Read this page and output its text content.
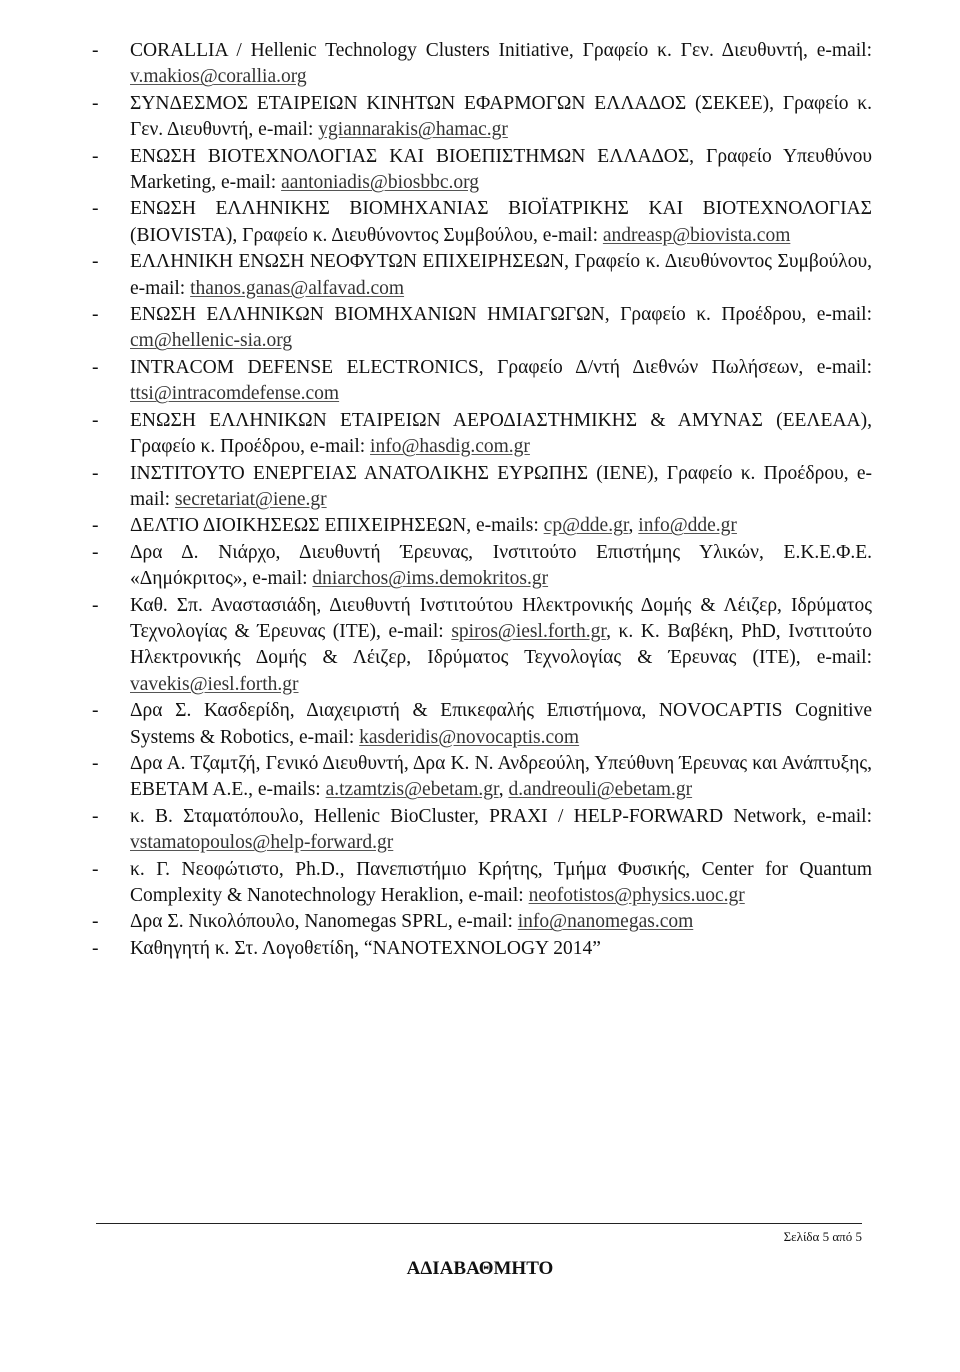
-	CORALLIA / Hellenic Technology Clusters Initiative, Γραφείο κ. Γεν. Διευθυντή, e-mail: v.makios@corallia.org
-	ΣΥΝΔΕΣΜΟΣ ΕΤΑΙΡΕΙΩΝ ΚΙΝΗΤΩΝ ΕΦΑΡΜΟΓΩΝ ΕΛΛΑΔΟΣ (ΣΕΚΕΕ), Γραφείο κ. Γεν. Διευθυντή, e-mail: ygiannarakis@hamac.gr
-	ΕΝΩΣΗ ΒΙΟΤΕΧΝΟΛΟΓΙΑΣ ΚΑΙ ΒΙΟΕΠΙΣΤΗΜΩΝ ΕΛΛΑΔΟΣ, Γραφείο Υπευθύνου Marketing, e-mail: aantoniadis@biosbbc.org
-	ΕΝΩΣΗ ΕΛΛΗΝΙΚΗΣ ΒΙΟΜΗΧΑΝΙΑΣ ΒΙΟΪΑΤΡΙΚΗΣ ΚΑΙ ΒΙΟΤΕΧΝΟΛΟΓΙΑΣ (BIOVISTA), Γραφείο κ. Διευθύνοντος Συμβούλου, e-mail: andreasp@biovista.com
-	ΕΛΛΗΝΙΚΗ ΕΝΩΣΗ ΝΕΟΦΥΤΩΝ ΕΠΙΧΕΙΡΗΣΕΩΝ, Γραφείο κ. Διευθύνοντος Συμβούλου, e-mail: thanos.ganas@alfavad.com
-	ΕΝΩΣΗ ΕΛΛΗΝΙΚΩΝ ΒΙΟΜΗΧΑΝΙΩΝ ΗΜΙΑΓΩΓΩΝ, Γραφείο κ. Προέδρου, e-mail: cm@hellenic-sia.org
-	INTRACOM DEFENSE ELECTRONICS, Γραφείο Δ/ντή Διεθνών Πωλήσεων, e-mail: ttsi@intracomdefense.com
-	ΕΝΩΣΗ ΕΛΛΗΝΙΚΩΝ ΕΤΑΙΡΕΙΩΝ ΑΕΡΟΔΙΑΣΤΗΜΙΚΗΣ & ΑΜΥΝΑΣ (ΕΕΛΕΑΑ), Γραφείο κ. Προέδρου, e-mail: info@hasdig.com.gr
-	ΙΝΣΤΙΤΟΥΤΟ ΕΝΕΡΓΕΙΑΣ ΑΝΑΤΟΛΙΚΗΣ ΕΥΡΩΠΗΣ (ΙΕΝΕ), Γραφείο κ. Προέδρου, e-mail: secretariat@iene.gr
-	ΔΕΛΤΙΟ ΔΙΟΙΚΗΣΕΩΣ ΕΠΙΧΕΙΡΗΣΕΩΝ, e-mails: cp@dde.gr, info@dde.gr
-	Δρα Δ. Νιάρχο, Διευθυντή Έρευνας, Ινστιτούτο Επιστήμης Υλικών, Ε.Κ.Ε.Φ.Ε. «Δημόκριτος», e-mail: dniarchos@ims.demokritos.gr
-	Καθ. Σπ. Αναστασιάδη, Διευθυντή Ινστιτούτου Ηλεκτρονικής Δομής & Λέιζερ, Ιδρύματος Τεχνολογίας & Έρευνας (ΙΤΕ), e-mail: spiros@iesl.forth.gr, κ. Κ. Βαβέκη, PhD, Ινστιτούτο Ηλεκτρονικής Δομής & Λέιζερ, Ιδρύματος Τεχνολογίας & Έρευνας (ΙΤΕ), e-mail: vavekis@iesl.forth.gr
-	Δρα Σ. Κασδερίδη, Διαχειριστή & Επικεφαλής Επιστήμονα, NOVOCAPTIS Cognitive Systems & Robotics, e-mail: kasderidis@novocaptis.com
-	Δρα Α. Τζαμτζή, Γενικό Διευθυντή, Δρα Κ. Ν. Ανδρεούλη, Υπεύθυνη Έρευνας και Ανάπτυξης, ΕΒΕΤΑΜ Α.Ε., e-mails: a.tzamtzis@ebetam.gr, d.andreouli@ebetam.gr
-	κ. Β. Σταματόπουλο, Hellenic BioCluster, PRAXI / HELP-FORWARD Network, e-mail: vstamatopoulos@help-forward.gr
-	κ. Γ. Νεοφώτιστο, Ph.D., Πανεπιστήμιο Κρήτης, Τμήμα Φυσικής, Center for Quantum Complexity & Nanotechnology Heraklion, e-mail: neofotistos@physics.uoc.gr
-	Δρα Σ. Νικολόπουλο, Nanomegas SPRL, e-mail: info@nanomegas.com
-	Καθηγητή κ. Στ. Λογοθετίδη, “NANOTEXNOLOGY 2014”
Σελίδα 5 από 5
ΑΔΙΑΒΑΘΜΗΤΟ
